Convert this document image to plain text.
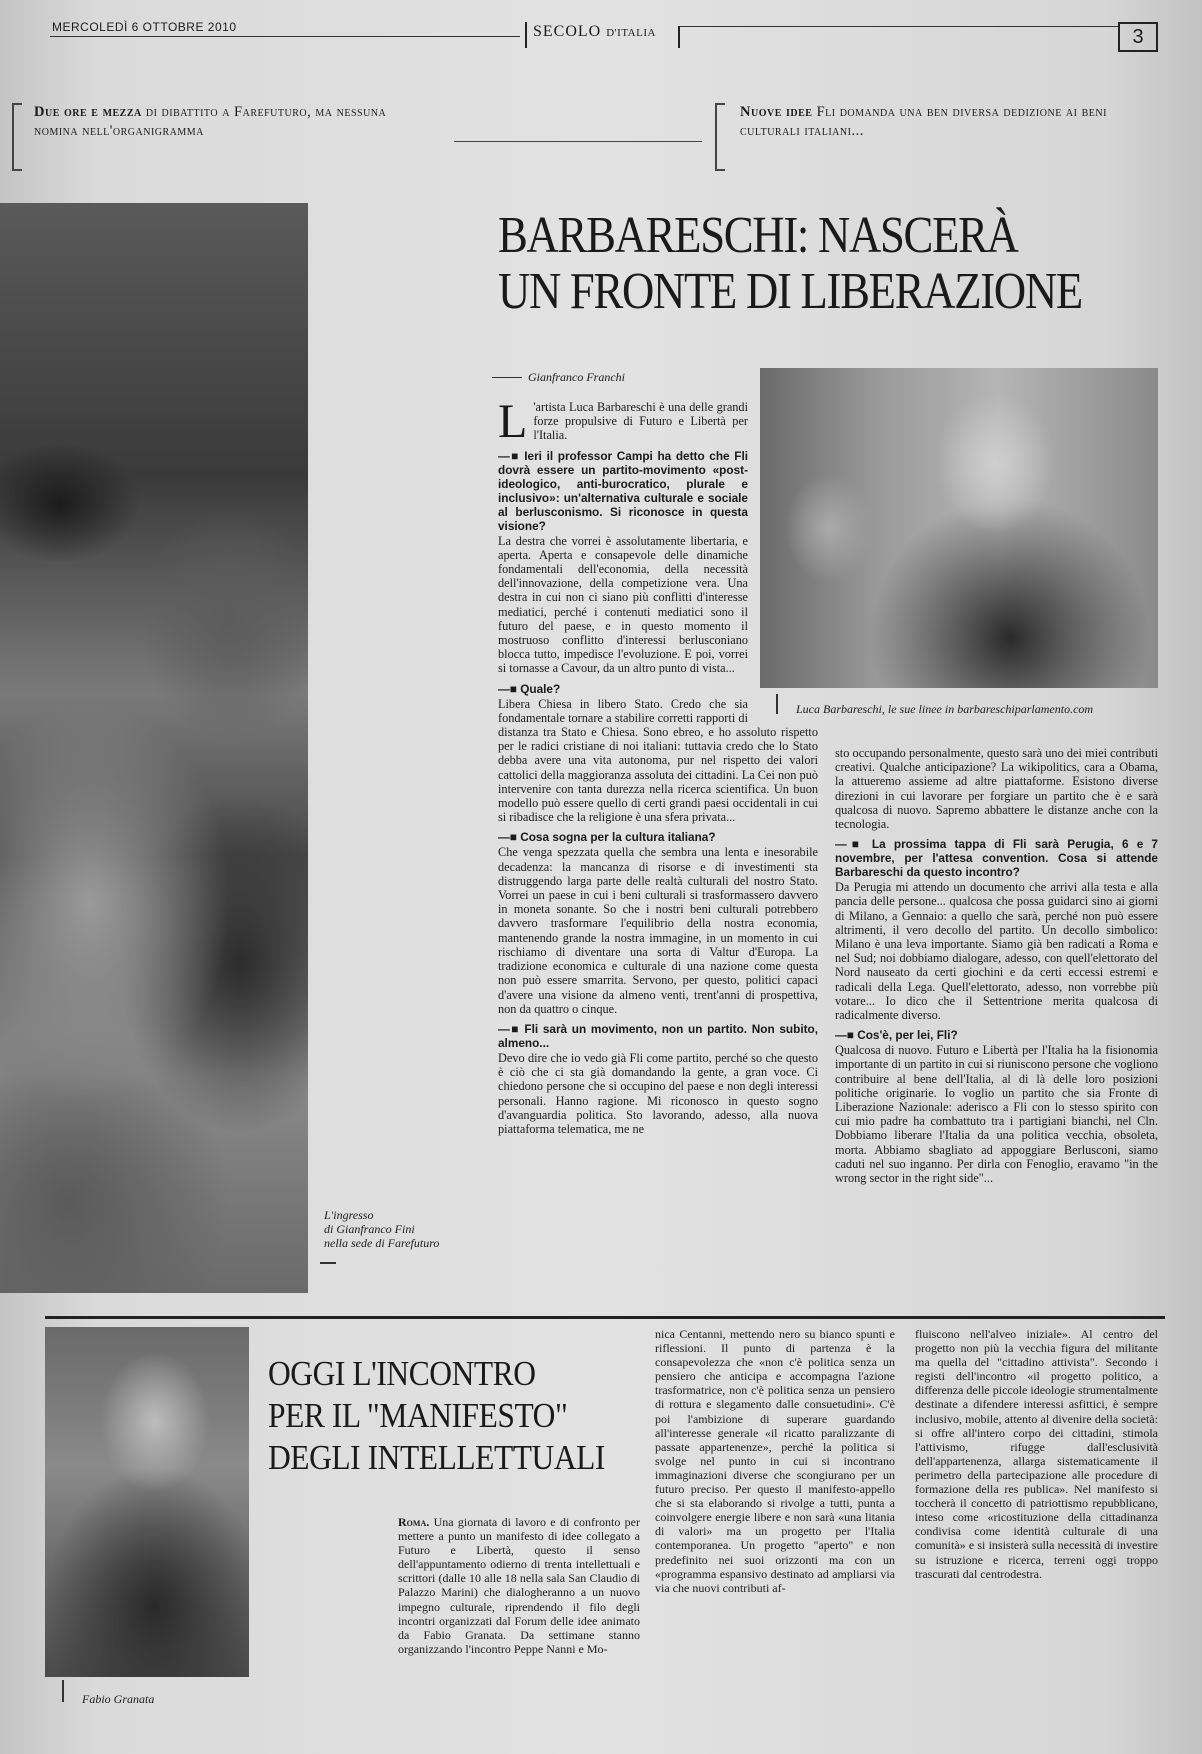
MERCOLEDÌ 6 OTTOBRE 2010	SECOLO D'ITALIA	3
Due ore e mezza di dibattito a Farefuturo, ma nessuna nomina nell'organigramma
Nuove idee Fli domanda una ben diversa dedizione ai beni culturali italiani...
L'ingresso
di Gianfranco Fini
nella sede di Farefuturo
BARBARESCHI: NASCERÀ
UN FRONTE DI LIBERAZIONE
Gianfranco Franchi
Luca Barbareschi, le sue linee in barbareschiparlamento.com

L 'artista Luca Barbareschi è una delle grandi forze propulsive di Futuro e Libertà per l'Italia.

—■ Ieri il professor Campi ha detto che Fli dovrà essere un partito-movimento «post-ideologico, anti-burocratico, plurale e inclusivo»: un'alternativa culturale e sociale al berlusconismo. Si riconosce in questa visione?

La destra che vorrei è assolutamente libertaria, e aperta. Aperta e consapevole delle dinamiche fondamentali dell'economia, della necessità dell'innovazione, della competizione vera. Una destra in cui non ci siano più conflitti d'interesse mediatici, perché i contenuti mediatici sono il futuro del paese, e in questo momento il mostruoso conflitto d'interessi berlusconiano blocca tutto, impedisce l'evoluzione. E poi, vorrei si tornasse a Cavour, da un altro punto di vista...

—■ Quale?

Libera Chiesa in libero Stato. Credo che sia fondamentale tornare a stabilire corretti rapporti di distanza tra Stato e Chiesa. Sono ebreo, e ho assoluto rispetto per le radici cristiane di noi italiani: tuttavia credo che lo Stato debba avere una vita autonoma, pur nel rispetto dei valori cattolici della maggioranza assoluta dei cittadini. La Cei non può intervenire con tanta durezza nella ricerca scientifica. Un buon modello può essere quello di certi grandi paesi occidentali in cui si ribadisce che la religione è una sfera privata...

—■ Cosa sogna per la cultura italiana?

Che venga spezzata quella che sembra una lenta e inesorabile decadenza: la mancanza di risorse e di investimenti sta distruggendo larga parte delle realtà culturali del nostro Stato. Vorrei un paese in cui i beni culturali si trasformassero davvero in moneta sonante. So che i nostri beni culturali potrebbero davvero trasformare l'equilibrio della nostra economia, mantenendo grande la nostra immagine, in un momento in cui rischiamo di diventare una sorta di Valtur d'Europa. La tradizione economica e culturale di una nazione come questa non può essere smarrita. Servono, per questo, politici capaci d'avere una visione da almeno venti, trent'anni di prospettiva, non da quattro o cinque.

—■ Fli sarà un movimento, non un partito. Non subito, almeno...

Devo dire che io vedo già Fli come partito, perché so che questo è ciò che ci sta già domandando la gente, a gran voce. Ci chiedono persone che si occupino del paese e non degli interessi personali. Hanno ragione. Mi riconosco in questo sogno d'avanguardia politica. Sto lavorando, adesso, alla nuova piattaforma telematica, me ne

sto occupando personalmente, questo sarà uno dei miei contributi creativi. Qualche anticipazione? La wikipolitics, cara a Obama, la attueremo assieme ad altre piattaforme. Esistono diverse direzioni in cui lavorare per forgiare un partito che è e sarà qualcosa di nuovo. Sapremo abbattere le distanze anche con la tecnologia.

—■ La prossima tappa di Fli sarà Perugia, 6 e 7 novembre, per l'attesa convention. Cosa si attende Barbareschi da questo incontro?

Da Perugia mi attendo un documento che arrivi alla testa e alla pancia delle persone... qualcosa che possa guidarci sino ai giorni di Milano, a Gennaio: a quello che sarà, perché non può essere altrimenti, il vero decollo del partito. Un decollo simbolico: Milano è una leva importante. Siamo già ben radicati a Roma e nel Sud; noi dobbiamo dialogare, adesso, con quell'elettorato del Nord nauseato da certi giochini e da certi eccessi estremi e radicali della Lega. Quell'elettorato, adesso, non vorrebbe più votare... Io dico che il Settentrione merita qualcosa di radicalmente diverso.

—■ Cos'è, per lei, Fli?

Qualcosa di nuovo. Futuro e Libertà per l'Italia ha la fisionomia importante di un partito in cui si riuniscono persone che vogliono contribuire al bene dell'Italia, al di là delle loro posizioni politiche originarie. Io voglio un partito che sia Fronte di Liberazione Nazionale: aderisco a Fli con lo stesso spirito con cui mio padre ha combattuto tra i partigiani bianchi, nel Cln. Dobbiamo liberare l'Italia da una politica vecchia, obsoleta, morta. Abbiamo sbagliato ad appoggiare Berlusconi, siamo caduti nel suo inganno. Per dirla con Fenoglio, eravamo "in the wrong sector in the right side"...

Fabio Granata
OGGI L'INCONTRO
PER IL "MANIFESTO"
DEGLI INTELLETTUALI
Roma. Una giornata di lavoro e di confronto per mettere a punto un manifesto di idee collegato a Futuro e Libertà, questo il senso dell'appuntamento odierno di trenta intellettuali e scrittori (dalle 10 alle 18 nella sala San Claudio di Palazzo Marini) che dialogheranno a un nuovo impegno culturale, riprendendo il filo degli incontri organizzati dal Forum delle idee animato da Fabio Granata. Da settimane stanno organizzando l'incontro Peppe Nanni e Mo-
nica Centanni, mettendo nero su bianco spunti e riflessioni. Il punto di partenza è la consapevolezza che «non c'è politica senza un pensiero che anticipa e accompagna l'azione trasformatrice, non c'è politica senza un pensiero di rottura e slegamento dalle consuetudini». C'è poi l'ambizione di superare guardando all'interesse generale «il ricatto paralizzante di passate appartenenze», perché la politica si svolge nel punto in cui si incontrano immaginazioni diverse che scongiurano per un futuro preciso. Per questo il manifesto-appello che si sta elaborando si rivolge a tutti, punta a coinvolgere energie libere e non sarà «una litania di valori» ma un progetto per l'Italia contemporanea. Un progetto "aperto" e non predefinito nei suoi orizzonti ma con un «programma espansivo destinato ad ampliarsi via via che nuovi contributi af-
fluiscono nell'alveo iniziale». Al centro del progetto non più la vecchia figura del militante ma quella del "cittadino attivista". Secondo i registi dell'incontro «il progetto politico, a differenza delle piccole ideologie strumentalmente destinate a difendere interessi asfittici, è sempre inclusivo, mobile, attento al divenire della società: si offre all'intero corpo dei cittadini, stimola l'attivismo, rifugge dall'esclusività dell'appartenenza, allarga sistematicamente il perimetro della partecipazione alle procedure di formazione della res publica». Nel manifesto si toccherà il concetto di patriottismo repubblicano, inteso come «ricostituzione della cittadinanza condivisa come identità culturale di una comunità» e si insisterà sulla necessità di investire su istruzione e ricerca, terreni oggi troppo trascurati dal centrodestra.
